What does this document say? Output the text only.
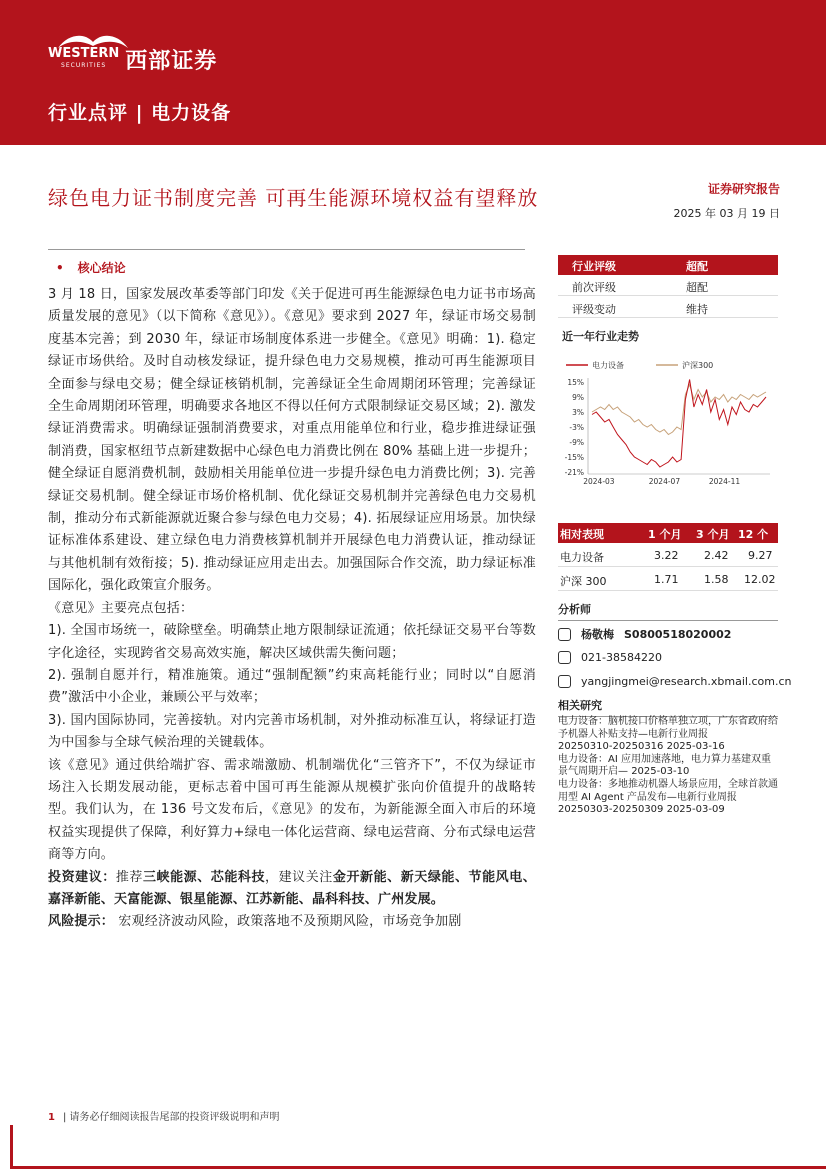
WESTERN
SECURITIES 西部证券
行业点评 | 电力设备
绿色电力证书制度完善 可再生能源环境权益有望释放	证券研究报告
2025 年 03 月 19 日
• 核心结论
3 月 18 日，国家发展改革委等部门印发《关于促进可再生能源绿色电力证书市场高质量发展的意见》（以下简称《意见》）。《意见》要求到 2027 年，绿证市场交易制度基本完善；到 2030 年，绿证市场制度体系进一步健全。《意见》明确：1). 稳定绿证市场供给。及时自动核发绿证，提升绿色电力交易规模，推动可再生能源项目全面参与绿电交易；健全绿证核销机制，完善绿证全生命周期闭环管理；完善绿证全生命周期闭环管理，明确要求各地区不得以任何方式限制绿证交易区域；2). 激发绿证消费需求。明确绿证强制消费要求，对重点用能单位和行业，稳步推进绿证强制消费，国家枢纽节点新建数据中心绿色电力消费比例在 80% 基础上进一步提升；健全绿证自愿消费机制，鼓励相关用能单位进一步提升绿色电力消费比例；3). 完善绿证交易机制。健全绿证市场价格机制、优化绿证交易机制并完善绿色电力交易机制，推动分布式新能源就近聚合参与绿色电力交易；4). 拓展绿证应用场景。加快绿证标准体系建设、建立绿色电力消费核算机制并开展绿色电力消费认证，推动绿证与其他机制有效衔接；5). 推动绿证应用走出去。加强国际合作交流，助力绿证标准国际化，强化政策宣介服务。
《意见》主要亮点包括：
1). 全国市场统一，破除壁垒。明确禁止地方限制绿证流通；依托绿证交易平台等数字化途径，实现跨省交易高效实施，解决区域供需失衡问题；
2). 强制自愿并行，精准施策。通过“强制配额”约束高耗能行业；同时以“自愿消费”激活中小企业，兼顾公平与效率；
3). 国内国际协同，完善接轨。对内完善市场机制，对外推动标准互认，将绿证打造为中国参与全球气候治理的关键载体。
该《意见》通过供给端扩容、需求端激励、机制端优化“三管齐下”，不仅为绿证市场注入长期发展动能，更标志着中国可再生能源从规模扩张向价值提升的战略转型。我们认为，在 136 号文发布后，《意见》的发布，为新能源全面入市后的环境权益实现提供了保障，利好算力+绿电一体化运营商、绿电运营商、分布式绿电运营商等方向。
投资建议：推荐三峡能源、芯能科技，建议关注金开新能、新天绿能、节能风电、嘉泽新能、天富能源、银星能源、江苏新能、晶科科技、广州发展。
风险提示： 宏观经济波动风险，政策落地不及预期风险，市场竞争加剧
行业评级	超配
前次评级	超配
评级变动	维持
近一年行业走势
电力设备	沪深300
15%
9%
3%
-3%
-9%
-15%
-21%
2024-03	2024-07	2024-11
相对表现	1 个月 3 个月 12 个月
电力设备	3.22 2.42 9.27
沪深 300	1.71 1.58 12.02
分析师
杨敬梅 S0800518020002
021-38584220
yangjingmei@research.xbmail.com.cn
相关研究
电力设备：脑机接口价格单独立项，广东省政府给予机器人补贴支持—电新行业周报
20250310-20250316 2025-03-16
电力设备：AI 应用加速落地，电力算力基建双重景气周期开启— 2025-03-10
电力设备：多地推动机器人场景应用，全球首款通用型 AI Agent 产品发布—电新行业周报
20250303-20250309 2025-03-09
1 | 请务必仔细阅读报告尾部的投资评级说明和声明
